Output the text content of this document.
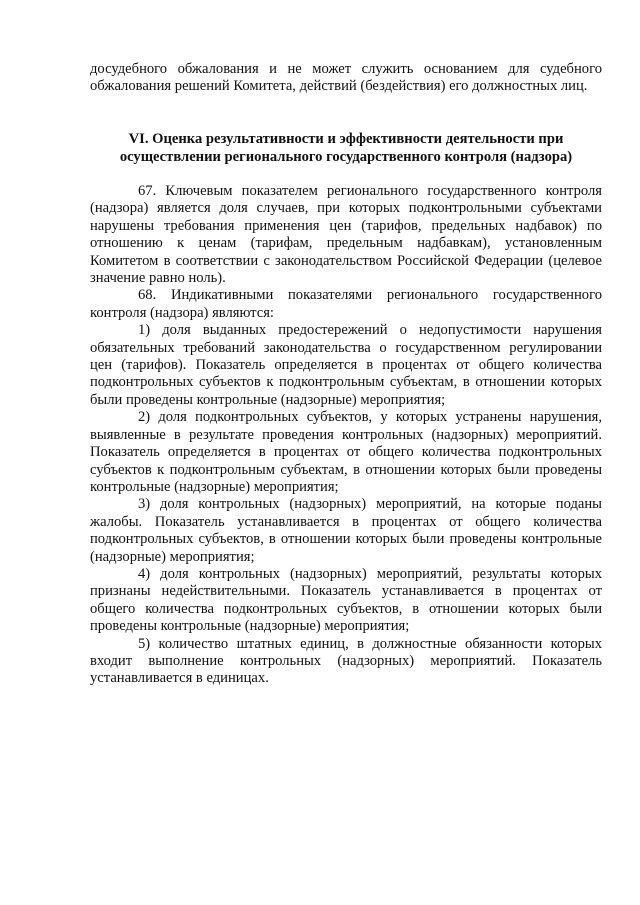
досудебного обжалования и не может служить основанием для судебного обжалования решений Комитета, действий (бездействия) его должностных лиц.
VI. Оценка результативности и эффективности деятельности при осуществлении регионального государственного контроля (надзора)

67. Ключевым показателем регионального государственного контроля (надзора) является доля случаев, при которых подконтрольными субъектами нарушены требования применения цен (тарифов, предельных надбавок) по отношению к ценам (тарифам, предельным надбавкам), установленным Комитетом в соответствии с законодательством Российской Федерации (целевое значение равно ноль).

68. Индикативными показателями регионального государственного контроля (надзора) являются:

1) доля выданных предостережений о недопустимости нарушения обязательных требований законодательства о государственном регулировании цен (тарифов). Показатель определяется в процентах от общего количества подконтрольных субъектов к подконтрольным субъектам, в отношении которых были проведены контрольные (надзорные) мероприятия;

2) доля подконтрольных субъектов, у которых устранены нарушения, выявленные в результате проведения контрольных (надзорных) мероприятий. Показатель определяется в процентах от общего количества подконтрольных субъектов к подконтрольным субъектам, в отношении которых были проведены контрольные (надзорные) мероприятия;

3) доля контрольных (надзорных) мероприятий, на которые поданы жалобы. Показатель устанавливается в процентах от общего количества подконтрольных субъектов, в отношении которых были проведены контрольные (надзорные) мероприятия;

4) доля контрольных (надзорных) мероприятий, результаты которых признаны недействительными. Показатель устанавливается в процентах от общего количества подконтрольных субъектов, в отношении которых были проведены контрольные (надзорные) мероприятия;

5) количество штатных единиц, в должностные обязанности которых входит выполнение контрольных (надзорных) мероприятий. Показатель устанавливается в единицах.
